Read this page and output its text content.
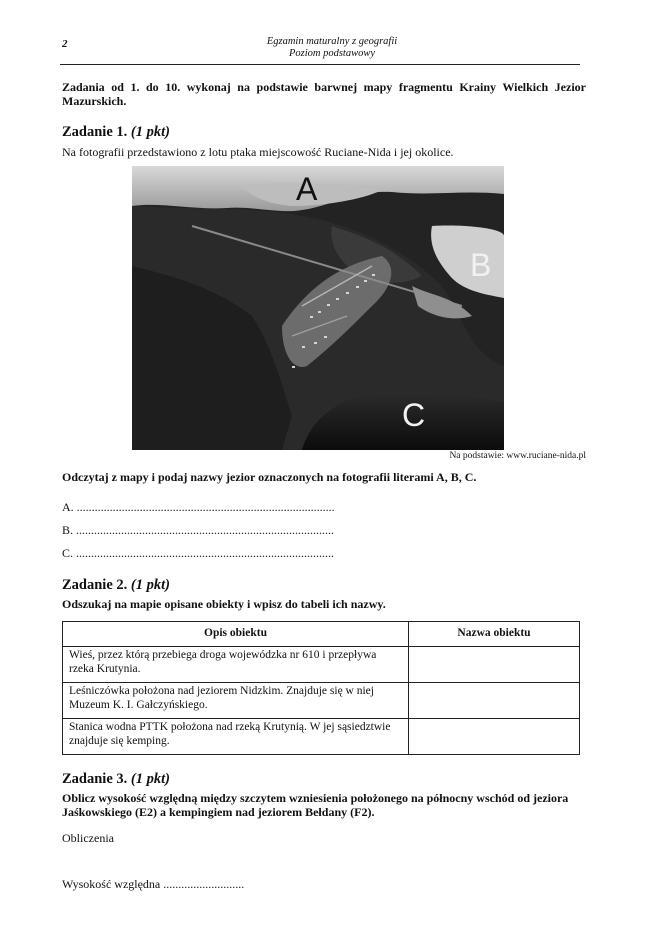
2	Egzamin maturalny z geografii
Poziom podstawowy
Zadania od 1. do 10. wykonaj na podstawie barwnej mapy fragmentu Krainy Wielkich Jezior Mazurskich.
Zadanie 1. (1 pkt)
Na fotografii przedstawiono z lotu ptaka miejscowość Ruciane-Nida i jej okolice.
A
B
C
Na podstawie: www.ruciane-nida.pl
Odczytaj z mapy i podaj nazwy jezior oznaczonych na fotografii literami A, B, C.
A. ......................................................................................
B. ......................................................................................
C. ......................................................................................
Zadanie 2. (1 pkt)
Odszukaj na mapie opisane obiekty i wpisz do tabeli ich nazwy.
Opis obiektu	Nazwa obiektu
Wieś, przez którą przebiega droga wojewódzka nr 610 i przepływa rzeka Krutynia.	
Leśniczówka położona nad jeziorem Nidzkim. Znajduje się w niej Muzeum K. I. Gałczyńskiego.	
Stanica wodna PTTK położona nad rzeką Krutynią. W jej sąsiedztwie znajduje się kemping.	
Zadanie 3. (1 pkt)
Oblicz wysokość względną między szczytem wzniesienia położonego na północny wschód od jeziora Jaśkowskiego (E2) a kempingiem nad jeziorem Bełdany (F2).
Obliczenia
Wysokość względna ...........................
